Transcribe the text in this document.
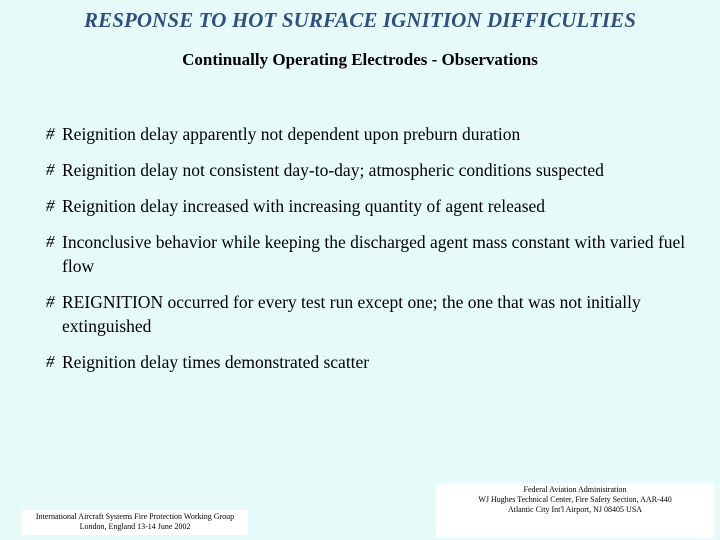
RESPONSE TO HOT SURFACE IGNITION DIFFICULTIES
Continually Operating Electrodes - Observations
# Reignition delay apparently not dependent upon preburn duration
# Reignition delay not consistent day-to-day; atmospheric conditions suspected
# Reignition delay increased with increasing quantity of agent released
# Inconclusive behavior while keeping the discharged agent mass constant with varied fuel flow
# REIGNITION occurred for every test run except one; the one that was not initially extinguished
# Reignition delay times demonstrated scatter
International Aircraft Systems Fire Protection Working Group
London, England 13-14 June 2002
Federal Aviation Administration
WJ Hughes Technical Center, Fire Safety Section, AAR-440
Atlantic City Int'l Airport, NJ 08405 USA
